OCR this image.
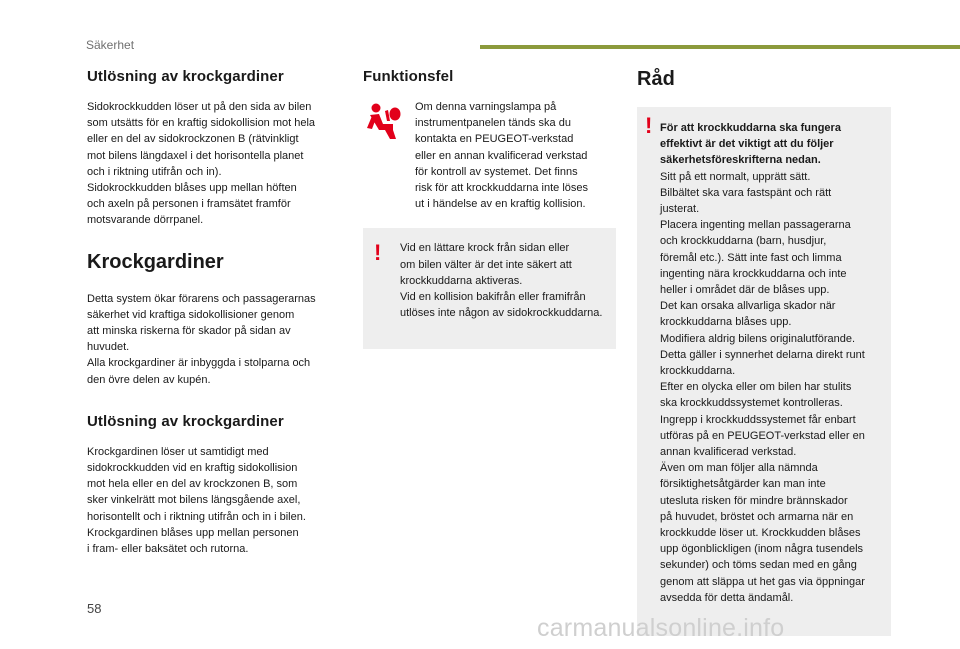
Säkerhet
Utlösning av krockgardiner

Sidokrockkudden löser ut på den sida av bilen
som utsätts för en kraftig sidokollision mot hela
eller en del av sidokrockzonen B (rätvinkligt
mot bilens längdaxel i det horisontella planet
och i riktning utifrån och in).
Sidokrockkudden blåses upp mellan höften
och axeln på personen i framsätet framför
motsvarande dörrpanel.

Krockgardiner

Detta system ökar förarens och passagerarnas
säkerhet vid kraftiga sidokollisioner genom
att minska riskerna för skador på sidan av
huvudet.
Alla krockgardiner är inbyggda i stolparna och
den övre delen av kupén.

Utlösning av krockgardiner

Krockgardinen löser ut samtidigt med
sidokrockkudden vid en kraftig sidokollision
mot hela eller en del av krockzonen B, som
sker vinkelrätt mot bilens längsgående axel,
horisontellt och i riktning utifrån och in i bilen.
Krockgardinen blåses upp mellan personen
i fram- eller baksätet och rutorna.

Funktionsfel

Om denna varningslampa på
instrumentpanelen tänds ska du
kontakta en PEUGEOT-verkstad
eller en annan kvalificerad verkstad
för kontroll av systemet. Det finns
risk för att krockkuddarna inte löses
ut i händelse av en kraftig kollision.

! Vid en lättare krock från sidan eller
om bilen välter är det inte säkert att
krockkuddarna aktiveras.
Vid en kollision bakifrån eller framifrån
utlöses inte någon av sidokrockkuddarna.

Råd
! För att krockkuddarna ska fungera
effektivt är det viktigt att du följer
säkerhetsföreskrifterna nedan.

Sitt på ett normalt, upprätt sätt.
Bilbältet ska vara fastspänt och rätt
justerat.
Placera ingenting mellan passagerarna
och krockkuddarna (barn, husdjur,
föremål etc.). Sätt inte fast och limma
ingenting nära krockkuddarna och inte
heller i området där de blåses upp.
Det kan orsaka allvarliga skador när
krockkuddarna blåses upp.
Modifiera aldrig bilens originalutförande.
Detta gäller i synnerhet delarna direkt runt
krockkuddarna.
Efter en olycka eller om bilen har stulits
ska krockkuddssystemet kontrolleras.
Ingrepp i krockkuddssystemet får enbart
utföras på en PEUGEOT-verkstad eller en
annan kvalificerad verkstad.
Även om man följer alla nämnda
försiktighetsåtgärder kan man inte
utesluta risken för mindre brännskador
på huvudet, bröstet och armarna när en
krockkudde löser ut. Krockkudden blåses
upp ögonblickligen (inom några tusendels
sekunder) och töms sedan med en gång
genom att släppa ut het gas via öppningar
avsedda för detta ändamål.

58
carmanualsonline.info
